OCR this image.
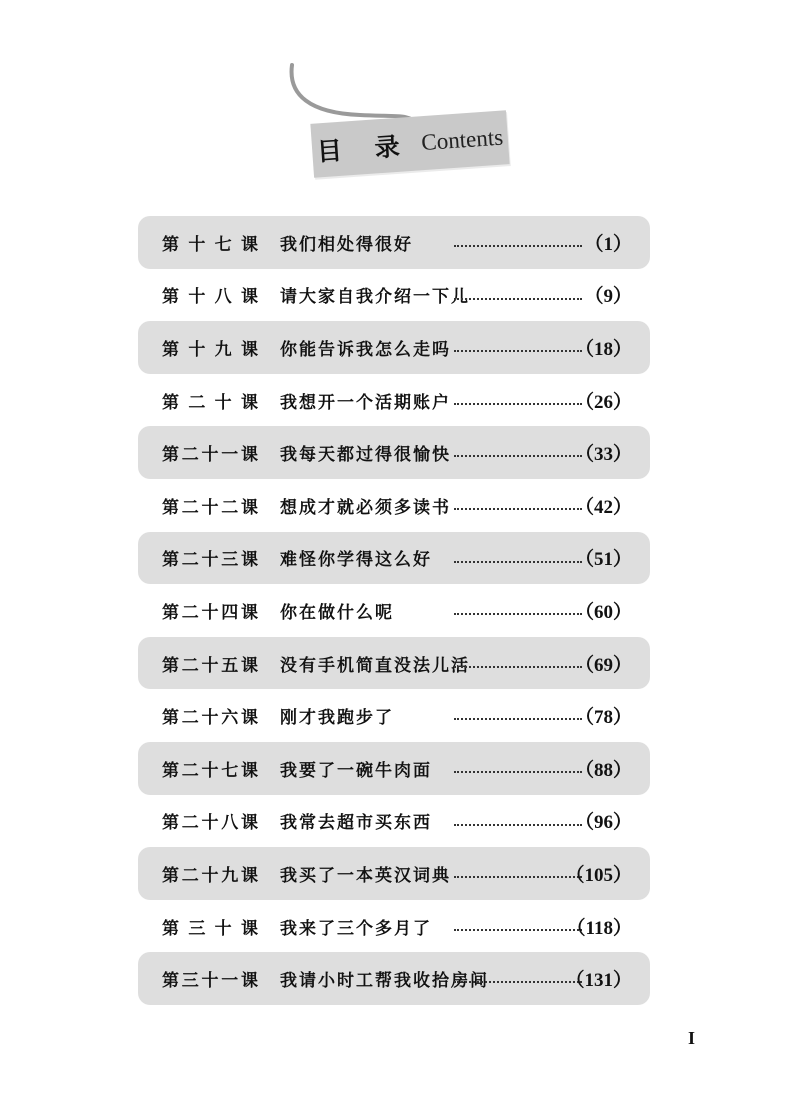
目 录 Contents
第十七课 我们相处得很好	（1）
第十八课 请大家自我介绍一下儿	（9）
第十九课 你能告诉我怎么走吗	（18）
第二十课 我想开一个活期账户	（26）
第二十一课 我每天都过得很愉快	（33）
第二十二课 想成才就必须多读书	（42）
第二十三课 难怪你学得这么好	（51）
第二十四课 你在做什么呢	（60）
第二十五课 没有手机简直没法儿活	（69）
第二十六课 刚才我跑步了	（78）
第二十七课 我要了一碗牛肉面	（88）
第二十八课 我常去超市买东西	（96）
第二十九课 我买了一本英汉词典	（105）
第三十课 我来了三个多月了	（118）
第三十一课 我请小时工帮我收拾房间	（131）
I
